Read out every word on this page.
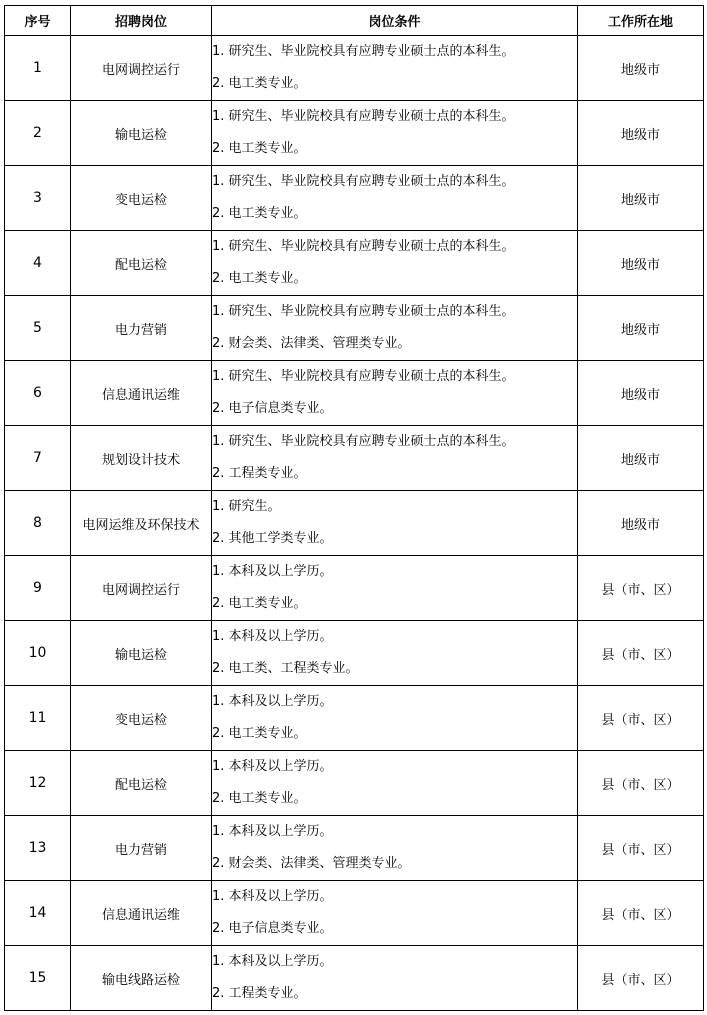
序号	招聘岗位	岗位条件	工作所在地
1	电网调控运行	1. 研究生、毕业院校具有应聘专业硕士点的本科生。
2. 电工类专业。	地级市
2	输电运检	1. 研究生、毕业院校具有应聘专业硕士点的本科生。
2. 电工类专业。	地级市
3	变电运检	1. 研究生、毕业院校具有应聘专业硕士点的本科生。
2. 电工类专业。	地级市
4	配电运检	1. 研究生、毕业院校具有应聘专业硕士点的本科生。
2. 电工类专业。	地级市
5	电力营销	1. 研究生、毕业院校具有应聘专业硕士点的本科生。
2. 财会类、法律类、管理类专业。	地级市
6	信息通讯运维	1. 研究生、毕业院校具有应聘专业硕士点的本科生。
2. 电子信息类专业。	地级市
7	规划设计技术	1. 研究生、毕业院校具有应聘专业硕士点的本科生。
2. 工程类专业。	地级市
8	电网运维及环保技术	1. 研究生。
2. 其他工学类专业。	地级市
9	电网调控运行	1. 本科及以上学历。
2. 电工类专业。	县（市、区）
10	输电运检	1. 本科及以上学历。
2. 电工类、工程类专业。	县（市、区）
11	变电运检	1. 本科及以上学历。
2. 电工类专业。	县（市、区）
12	配电运检	1. 本科及以上学历。
2. 电工类专业。	县（市、区）
13	电力营销	1. 本科及以上学历。
2. 财会类、法律类、管理类专业。	县（市、区）
14	信息通讯运维	1. 本科及以上学历。
2. 电子信息类专业。	县（市、区）
15	输电线路运检	1. 本科及以上学历。
2. 工程类专业。	县（市、区）
